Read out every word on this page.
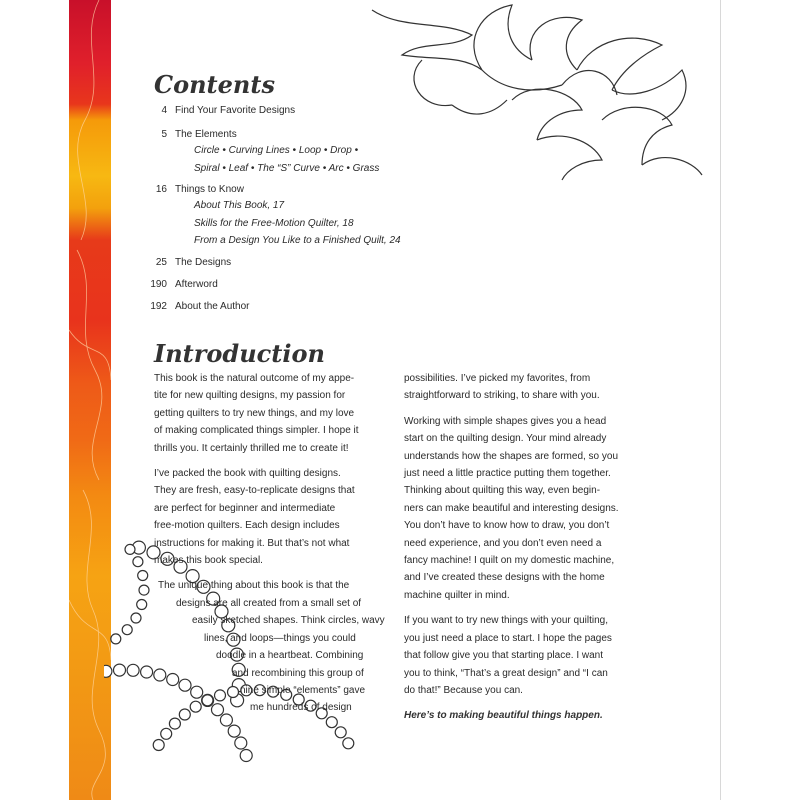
Contents
4 Find Your Favorite Designs
5 The Elements
Circle • Curving Lines • Loop • Drop •
Spiral • Leaf • The “S” Curve • Arc • Grass
16 Things to Know
About This Book, 17
Skills for the Free-Motion Quilter, 18
From a Design You Like to a Finished Quilt, 24
25 The Designs
190 Afterword
192 About the Author
Introduction

This book is the natural outcome of my appe-
tite for new quilting designs, my passion for
getting quilters to try new things, and my love
of making complicated things simpler. I hope it
thrills you. It certainly thrilled me to create it!

I’ve packed the book with quilting designs.
They are fresh, easy-to-replicate designs that
are perfect for beginner and intermediate
free-motion quilters. Each design includes
instructions for making it. But that’s not what
makes this book special.

The unique thing about this book is that the
designs are all created from a small set of
easily sketched shapes. Think circles, wavy
lines, and loops—things you could
doodle in a heartbeat. Combining
and recombining this group of
nine simple “elements” gave
me hundreds of design

possibilities. I’ve picked my favorites, from
straightforward to striking, to share with you.

Working with simple shapes gives you a head
start on the quilting design. Your mind already
understands how the shapes are formed, so you
just need a little practice putting them together.
Thinking about quilting this way, even begin-
ners can make beautiful and interesting designs.
You don’t have to know how to draw, you don’t
need experience, and you don’t even need a
fancy machine! I quilt on my domestic machine,
and I’ve created these designs with the home
machine quilter in mind.

If you want to try new things with your quilting,
you just need a place to start. I hope the pages
that follow give you that starting place. I want
you to think, “That’s a great design” and “I can
do that!” Because you can.

Here’s to making beautiful things happen.
